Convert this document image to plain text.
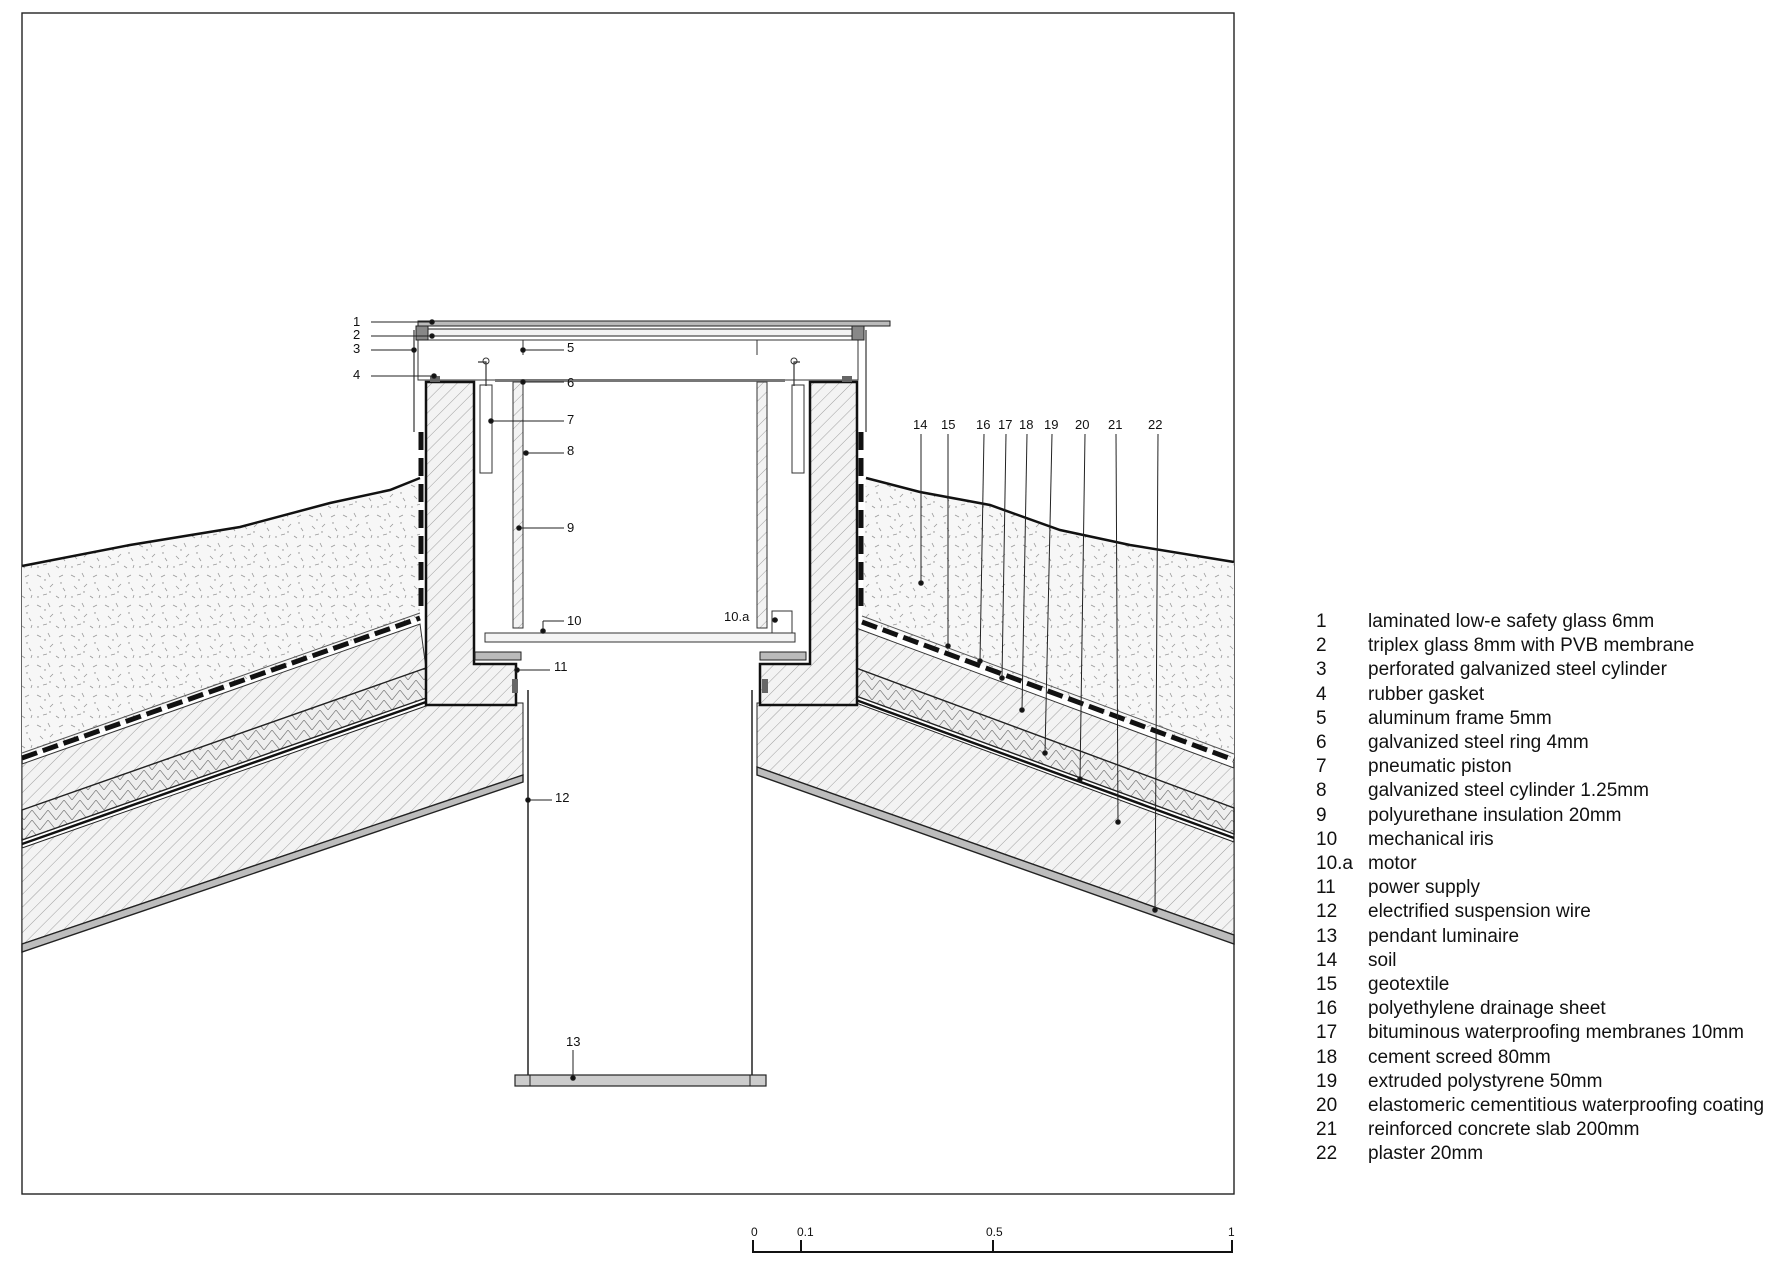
1
2
3
4
5
6
7
8
9
10	10.a
11
12
13
14 15 16 17 18 19 20 21 22
0	0.1	0.5	1
1	laminated low-e safety glass 6mm
2	triplex glass 8mm with PVB membrane
3	perforated galvanized steel cylinder
4	rubber gasket
5	aluminum frame 5mm
6	galvanized steel ring 4mm
7	pneumatic piston
8	galvanized steel cylinder 1.25mm
9	polyurethane insulation 20mm
10	mechanical iris
10.a motor
11	power supply
12	electrified suspension wire
13	pendant luminaire
14	soil
15	geotextile
16	polyethylene drainage sheet
17	bituminous waterproofing membranes 10mm
18	cement screed 80mm
19	extruded polystyrene 50mm
20	elastomeric cementitious waterproofing coating
21	reinforced concrete slab 200mm
22	plaster 20mm
